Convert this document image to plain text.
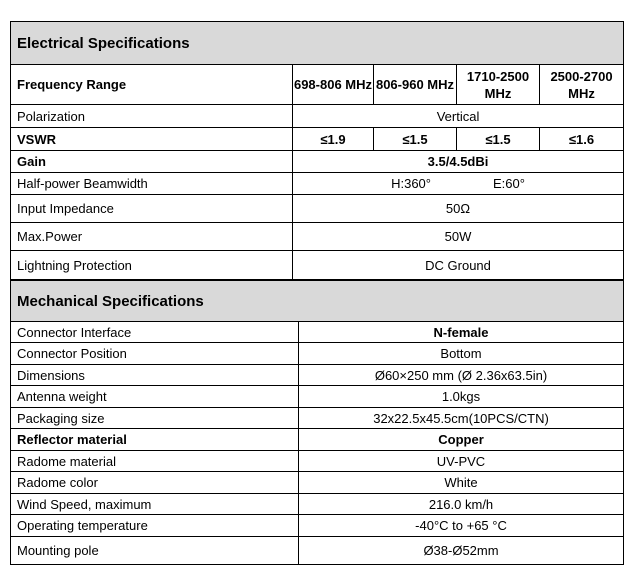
Electrical Specifications				
Frequency Range	698-806 MHz	806-960 MHz	1710-2500 MHz	2500-2700 MHz
Polarization	Vertical			
VSWR	≤1.9	≤1.5	≤1.5	≤1.6
Gain	3.5/4.5dBi			
Half-power Beamwidth	H:360° E:60°			
Input Impedance	50Ω			
Max.Power	50W			
Lightning Protection	DC Ground			
Mechanical Specifications	
Connector Interface	N-female
Connector Position	Bottom
Dimensions	Ø60×250 mm (Ø 2.36x63.5in)
Antenna weight	1.0kgs
Packaging size	32x22.5x45.5cm(10PCS/CTN)
Reflector material	Copper
Radome material	UV-PVC
Radome color	White
Wind Speed, maximum	216.0 km/h
Operating temperature	-40°C to +65 °C
Mounting pole	Ø38-Ø52mm
